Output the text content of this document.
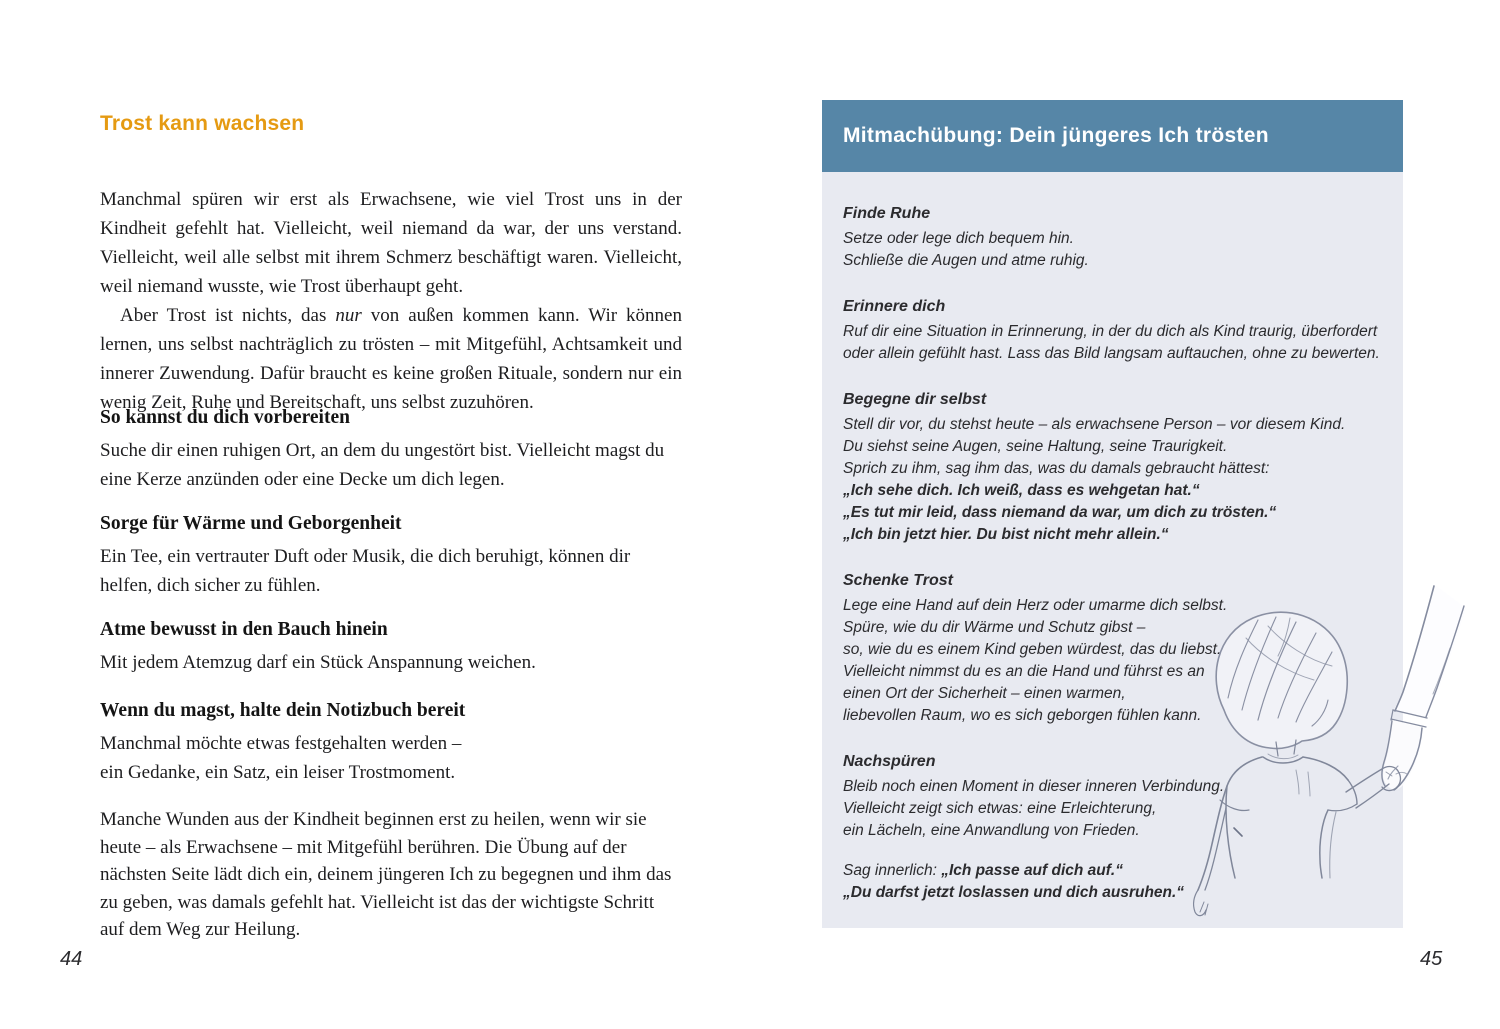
Trost kann wachsen

Manchmal spüren wir erst als Erwachsene, wie viel Trost uns in der Kindheit gefehlt hat. Vielleicht, weil niemand da war, der uns verstand. Vielleicht, weil alle selbst mit ihrem Schmerz beschäftigt waren. Vielleicht, weil niemand wusste, wie Trost überhaupt geht.

Aber Trost ist nichts, das nur von außen kommen kann. Wir können lernen, uns selbst nachträglich zu trösten – mit Mitgefühl, Achtsamkeit und innerer Zuwendung. Dafür braucht es keine großen Rituale, sondern nur ein wenig Zeit, Ruhe und Bereitschaft, uns selbst zuzuhören.

So kannst du dich vorbereiten
Suche dir einen ruhigen Ort, an dem du ungestört bist. Vielleicht magst du eine Kerze anzünden oder eine Decke um dich legen.
Sorge für Wärme und Geborgenheit
Ein Tee, ein vertrauter Duft oder Musik, die dich beruhigt, können dir helfen, dich sicher zu fühlen.
Atme bewusst in den Bauch hinein
Mit jedem Atemzug darf ein Stück Anspannung weichen.
Wenn du magst, halte dein Notizbuch bereit
Manchmal möchte etwas festgehalten werden –
ein Gedanke, ein Satz, ein leiser Trostmoment.

Manche Wunden aus der Kindheit beginnen erst zu heilen, wenn wir sie heute – als Erwachsene – mit Mitgefühl berühren. Die Übung auf der nächsten Seite lädt dich ein, deinem jüngeren Ich zu begegnen und ihm das zu geben, was damals gefehlt hat. Vielleicht ist das der wichtigste Schritt auf dem Weg zur Heilung.

44
Mitmachübung: Dein jüngeres Ich trösten
Finde Ruhe
Setze oder lege dich bequem hin.
Schließe die Augen und atme ruhig.
Erinnere dich
Ruf dir eine Situation in Erinnerung, in der du dich als Kind traurig, überfordert
oder allein gefühlt hast. Lass das Bild langsam auftauchen, ohne zu bewerten.
Begegne dir selbst
Stell dir vor, du stehst heute – als erwachsene Person – vor diesem Kind.
Du siehst seine Augen, seine Haltung, seine Traurigkeit.
Sprich zu ihm, sag ihm das, was du damals gebraucht hättest:
„Ich sehe dich. Ich weiß, dass es wehgetan hat.“
„Es tut mir leid, dass niemand da war, um dich zu trösten.“
„Ich bin jetzt hier. Du bist nicht mehr allein.“
Schenke Trost
Lege eine Hand auf dein Herz oder umarme dich selbst.
Spüre, wie du dir Wärme und Schutz gibst –
so, wie du es einem Kind geben würdest, das du liebst.
Vielleicht nimmst du es an die Hand und führst es an
einen Ort der Sicherheit – einen warmen,
liebevollen Raum, wo es sich geborgen fühlen kann.
Nachspüren
Bleib noch einen Moment in dieser inneren Verbindung.
Vielleicht zeigt sich etwas: eine Erleichterung,
ein Lächeln, eine Anwandlung von Frieden.
Sag innerlich: „Ich passe auf dich auf.“
„Du darfst jetzt loslassen und dich ausruhen.“
45
